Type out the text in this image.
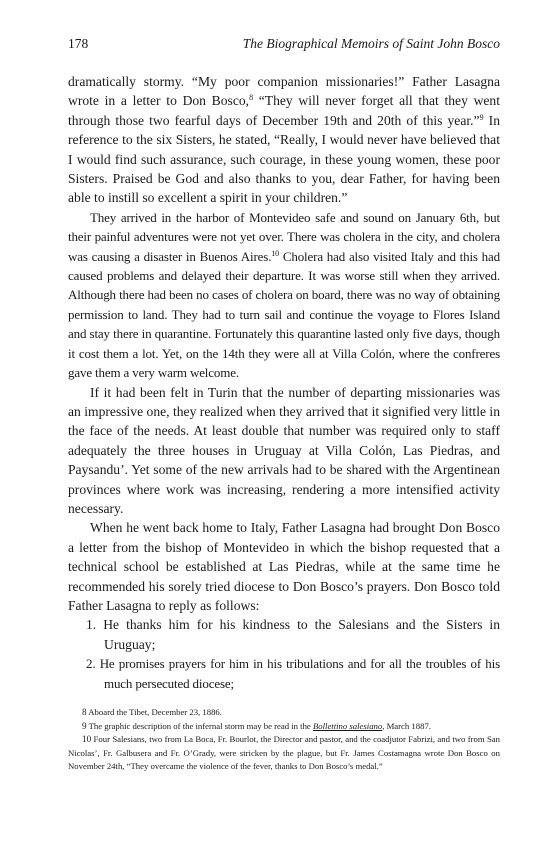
178	The Biographical Memoirs of Saint John Bosco

dramatically stormy. “My poor companion missionaries!” Father Lasagna wrote in a letter to Don Bosco,$^8$ “They will never forget all that they went through those two fearful days of December 19th and 20th of this year.”$^9$ In reference to the six Sisters, he stated, “Really, I would never have believed that I would find such assurance, such courage, in these young women, these poor Sisters. Praised be God and also thanks to you, dear Father, for having been able to instill so excellent a spirit in your children.”

They arrived in the harbor of Montevideo safe and sound on January 6th, but their painful adventures were not yet over. There was cholera in the city, and cholera was causing a disaster in Buenos Aires.$^{10}$ Cholera had also visited Italy and this had caused problems and delayed their departure. It was worse still when they arrived. Although there had been no cases of cholera on board, there was no way of obtaining permission to land. They had to turn sail and continue the voyage to Flores Island and stay there in quarantine. Fortunately this quarantine lasted only five days, though it cost them a lot. Yet, on the 14th they were all at Villa Colón, where the confreres gave them a very warm welcome.

If it had been felt in Turin that the number of departing missionaries was an impressive one, they realized when they arrived that it signified very little in the face of the needs. At least double that number was required only to staff adequately the three houses in Uruguay at Villa Colón, Las Piedras, and Paysandu’. Yet some of the new arrivals had to be shared with the Argentinean provinces where work was increasing, rendering a more intensified activity necessary.

When he went back home to Italy, Father Lasagna had brought Don Bosco a letter from the bishop of Montevideo in which the bishop requested that a technical school be established at Las Piedras, while at the same time he recommended his sorely tried diocese to Don Bosco’s prayers. Don Bosco told Father Lasagna to reply as follows:

1. He thanks him for his kindness to the Salesians and the Sisters in Uruguay;
2. He promises prayers for him in his tribulations and for all the troubles of his much persecuted diocese;

8 Aboard the Tibet, December 23, 1886.

9 The graphic description of the infernal storm may be read in the Bollettino salesiano, March 1887.

10 Four Salesians, two from La Boca, Fr. Bourlot, the Director and pastor, and the coadjutor Fabrizi, and two from San Nicolas’, Fr. Galbusera and Fr. O’Grady, were stricken by the plague, but Fr. James Costamagna wrote Don Bosco on November 24th, “They overcame the violence of the fever, thanks to Don Bosco’s medal.”
